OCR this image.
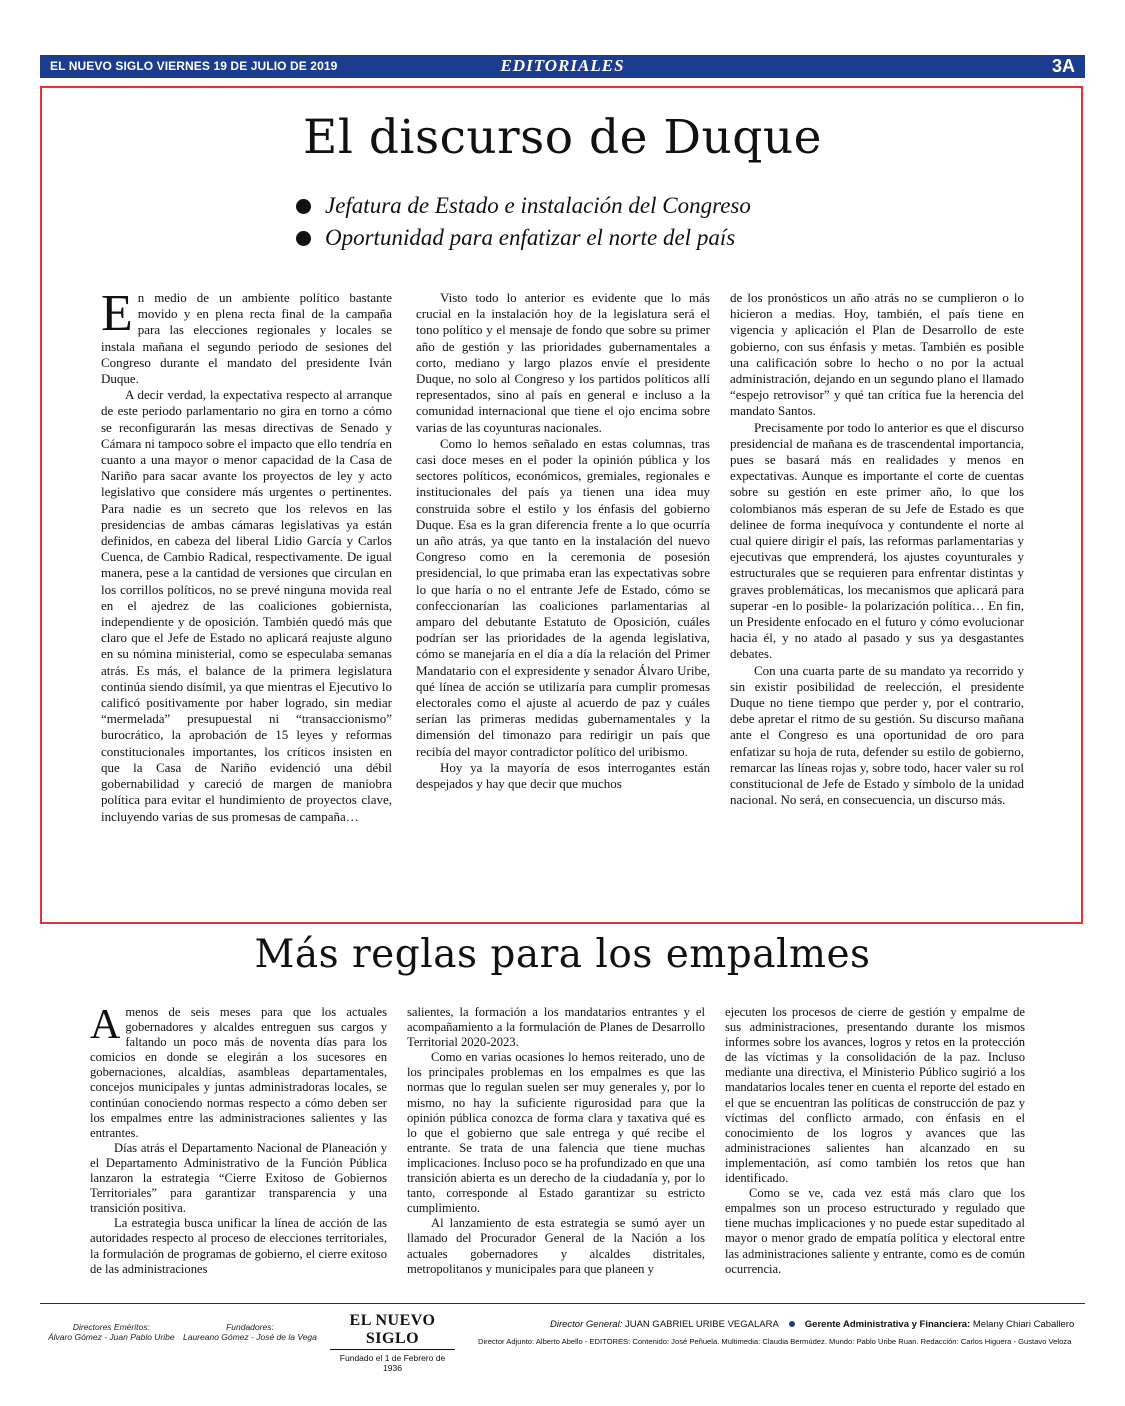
EL NUEVO SIGLO VIERNES 19 DE JULIO DE 2019	EDITORIALES	3A
El discurso de Duque
Jefatura de Estado e instalación del Congreso
Oportunidad para enfatizar el norte del país

En medio de un ambiente político bastante movido y en plena recta final de la campaña para las elecciones regionales y locales se instala mañana el segundo periodo de sesiones del Congreso durante el mandato del presidente Iván Duque.

A decir verdad, la expectativa respecto al arranque de este periodo parlamentario no gira en torno a cómo se reconfigurarán las mesas directivas de Senado y Cámara ni tampoco sobre el impacto que ello tendría en cuanto a una mayor o menor capacidad de la Casa de Nariño para sacar avante los proyectos de ley y acto legislativo que considere más urgentes o pertinentes. Para nadie es un secreto que los relevos en las presidencias de ambas cámaras legislativas ya están definidos, en cabeza del liberal Lidio García y Carlos Cuenca, de Cambio Radical, respectivamente. De igual manera, pese a la cantidad de versiones que circulan en los corrillos políticos, no se prevé ninguna movida real en el ajedrez de las coaliciones gobiernista, independiente y de oposición. También quedó más que claro que el Jefe de Estado no aplicará reajuste alguno en su nómina ministerial, como se especulaba semanas atrás. Es más, el balance de la primera legislatura continúa siendo disímil, ya que mientras el Ejecutivo lo calificó positivamente por haber logrado, sin mediar “mermelada” presupuestal ni “transaccionismo” burocrático, la aprobación de 15 leyes y reformas constitucionales importantes, los críticos insisten en que la Casa de Nariño evidenció una débil gobernabilidad y careció de margen de maniobra política para evitar el hundimiento de proyectos clave, incluyendo varias de sus promesas de campaña…

Visto todo lo anterior es evidente que lo más crucial en la instalación hoy de la legislatura será el tono político y el mensaje de fondo que sobre su primer año de gestión y las prioridades gubernamentales a corto, mediano y largo plazos envíe el presidente Duque, no solo al Congreso y los partidos políticos allí representados, sino al país en general e incluso a la comunidad internacional que tiene el ojo encima sobre varias de las coyunturas nacionales.

Como lo hemos señalado en estas columnas, tras casi doce meses en el poder la opinión pública y los sectores políticos, económicos, gremiales, regionales e institucionales del país ya tienen una idea muy construida sobre el estilo y los énfasis del gobierno Duque. Esa es la gran diferencia frente a lo que ocurría un año atrás, ya que tanto en la instalación del nuevo Congreso como en la ceremonia de posesión presidencial, lo que primaba eran las expectativas sobre lo que haría o no el entrante Jefe de Estado, cómo se confeccionarían las coaliciones parlamentarias al amparo del debutante Estatuto de Oposición, cuáles podrían ser las prioridades de la agenda legislativa, cómo se manejaría en el día a día la relación del Primer Mandatario con el expresidente y senador Álvaro Uribe, qué línea de acción se utilizaría para cumplir promesas electorales como el ajuste al acuerdo de paz y cuáles serían las primeras medidas gubernamentales y la dimensión del timonazo para redirigir un país que recibía del mayor contradictor político del uribismo.

Hoy ya la mayoría de esos interrogantes están despejados y hay que decir que muchos

de los pronósticos un año atrás no se cumplieron o lo hicieron a medias. Hoy, también, el país tiene en vigencia y aplicación el Plan de Desarrollo de este gobierno, con sus énfasis y metas. También es posible una calificación sobre lo hecho o no por la actual administración, dejando en un segundo plano el llamado “espejo retrovisor” y qué tan crítica fue la herencia del mandato Santos.

Precisamente por todo lo anterior es que el discurso presidencial de mañana es de trascendental importancia, pues se basará más en realidades y menos en expectativas. Aunque es importante el corte de cuentas sobre su gestión en este primer año, lo que los colombianos más esperan de su Jefe de Estado es que delinee de forma inequívoca y contundente el norte al cual quiere dirigir el país, las reformas parlamentarias y ejecutivas que emprenderá, los ajustes coyunturales y estructurales que se requieren para enfrentar distintas y graves problemáticas, los mecanismos que aplicará para superar -en lo posible- la polarización política… En fin, un Presidente enfocado en el futuro y cómo evolucionar hacia él, y no atado al pasado y sus ya desgastantes debates.

Con una cuarta parte de su mandato ya recorrido y sin existir posibilidad de reelección, el presidente Duque no tiene tiempo que perder y, por el contrario, debe apretar el ritmo de su gestión. Su discurso mañana ante el Congreso es una oportunidad de oro para enfatizar su hoja de ruta, defender su estilo de gobierno, remarcar las líneas rojas y, sobre todo, hacer valer su rol constitucional de Jefe de Estado y símbolo de la unidad nacional. No será, en consecuencia, un discurso más.

Más reglas para los empalmes

Amenos de seis meses para que los actuales gobernadores y alcaldes entreguen sus cargos y faltando un poco más de noventa días para los comicios en donde se elegirán a los sucesores en gobernaciones, alcaldías, asambleas departamentales, concejos municipales y juntas administradoras locales, se continúan conociendo normas respecto a cómo deben ser los empalmes entre las administraciones salientes y las entrantes.

Días atrás el Departamento Nacional de Planeación y el Departamento Administrativo de la Función Pública lanzaron la estrategia “Cierre Exitoso de Gobiernos Territoriales” para garantizar transparencia y una transición positiva.

La estrategia busca unificar la línea de acción de las autoridades respecto al proceso de elecciones territoriales, la formulación de programas de gobierno, el cierre exitoso de las administraciones

salientes, la formación a los mandatarios entrantes y el acompañamiento a la formulación de Planes de Desarrollo Territorial 2020-2023.

Como en varias ocasiones lo hemos reiterado, uno de los principales problemas en los empalmes es que las normas que lo regulan suelen ser muy generales y, por lo mismo, no hay la suficiente rigurosidad para que la opinión pública conozca de forma clara y taxativa qué es lo que el gobierno que sale entrega y qué recibe el entrante. Se trata de una falencia que tiene muchas implicaciones. Incluso poco se ha profundizado en que una transición abierta es un derecho de la ciudadanía y, por lo tanto, corresponde al Estado garantizar su estricto cumplimiento.

Al lanzamiento de esta estrategia se sumó ayer un llamado del Procurador General de la Nación a los actuales gobernadores y alcaldes distritales, metropolitanos y municipales para que planeen y

ejecuten los procesos de cierre de gestión y empalme de sus administraciones, presentando durante los mismos informes sobre los avances, logros y retos en la protección de las víctimas y la consolidación de la paz. Incluso mediante una directiva, el Ministerio Público sugirió a los mandatarios locales tener en cuenta el reporte del estado en el que se encuentran las políticas de construcción de paz y víctimas del conflicto armado, con énfasis en el conocimiento de los logros y avances que las administraciones salientes han alcanzado en su implementación, así como también los retos que han identificado.

Como se ve, cada vez está más claro que los empalmes son un proceso estructurado y regulado que tiene muchas implicaciones y no puede estar supeditado al mayor o menor grado de empatía política y electoral entre las administraciones saliente y entrante, como es de común ocurrencia.

Directores Eméritos:
Álvaro Gómez - Juan Pablo Uribe
Fundadores:
Laureano Gómez - José de la Vega
EL NUEVO SIGLO
Fundado el 1 de Febrero de 1936
Director General: JUAN GABRIEL URIBE VEGALARA	Gerente Administrativa y Financiera: Melany Chiari Caballero
Director Adjunto: Alberto Abello - EDITORES: Contenido: José Peñuela. Multimedia: Claudia Bermúdez. Mundo: Pablo Uribe Ruan. Redacción: Carlos Higuera - Gustavo Veloza
